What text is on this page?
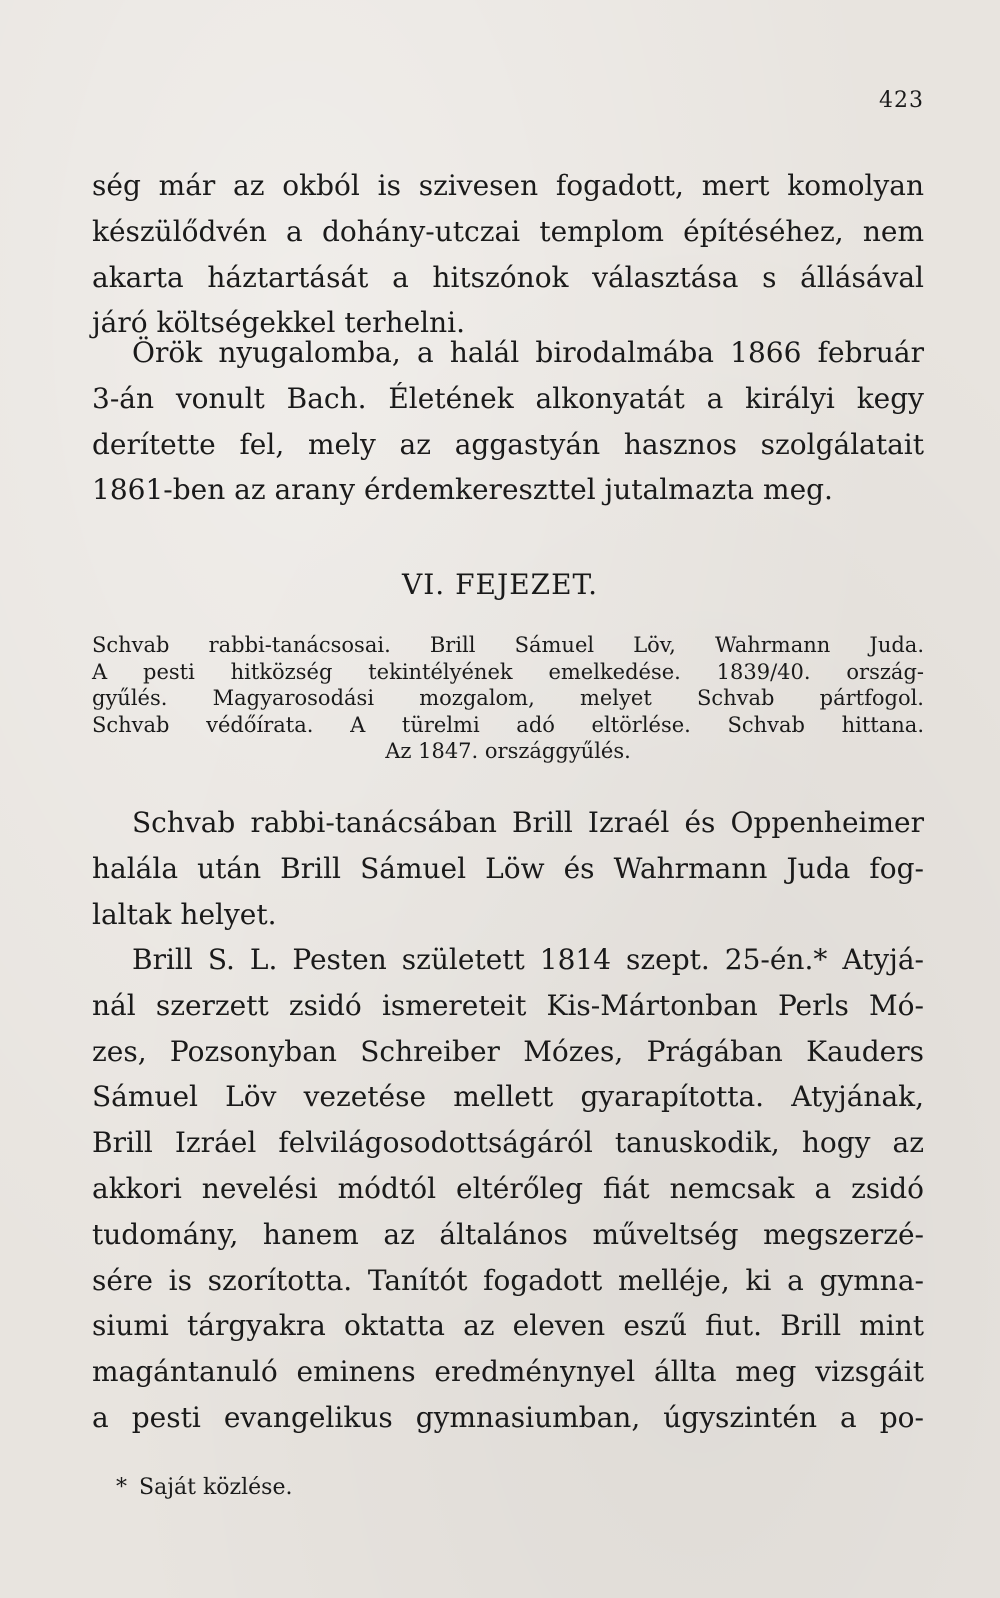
423

ség már az okból is szivesen fogadott, mert komolyan
készülődvén a dohány-utczai templom építéséhez, nem
akarta háztartását a hitszónok választása s állásával
járó költségekkel terhelni.

Örök nyugalomba, a halál birodalmába 1866 február
3-án vonult Bach. Életének alkonyatát a királyi kegy
derítette fel, mely az aggastyán hasznos szolgálatait
1861-ben az arany érdemkereszttel jutalmazta meg.

VI. FEJEZET.
Schvab rabbi-tanácsosai. Brill Sámuel Löv, Wahrmann Juda.
A pesti hitközség tekintélyének emelkedése. 1839/40. ország-
gyűlés. Magyarosodási mozgalom, melyet Schvab pártfogol.
Schvab védőírata. A türelmi adó eltörlése. Schvab hittana.
Az 1847. országgyűlés.

Schvab rabbi-tanácsában Brill Izraél és Oppenheimer
halála után Brill Sámuel Löw és Wahrmann Juda fog-
laltak helyet.

Brill S. L. Pesten született 1814 szept. 25-én.* Atyjá-
nál szerzett zsidó ismereteit Kis-Mártonban Perls Mó-
zes, Pozsonyban Schreiber Mózes, Prágában Kauders
Sámuel Löv vezetése mellett gyarapította. Atyjának,
Brill Izráel felvilágosodottságáról tanuskodik, hogy az
akkori nevelési módtól eltérőleg fiát nemcsak a zsidó
tudomány, hanem az általános műveltség megszerzé-
sére is szorította. Tanítót fogadott melléje, ki a gymna-
siumi tárgyakra oktatta az eleven eszű fiut. Brill mint
magántanuló eminens eredménynyel állta meg vizsgáit
a pesti evangelikus gymnasiumban, úgyszintén a po-

* Saját közlése.
